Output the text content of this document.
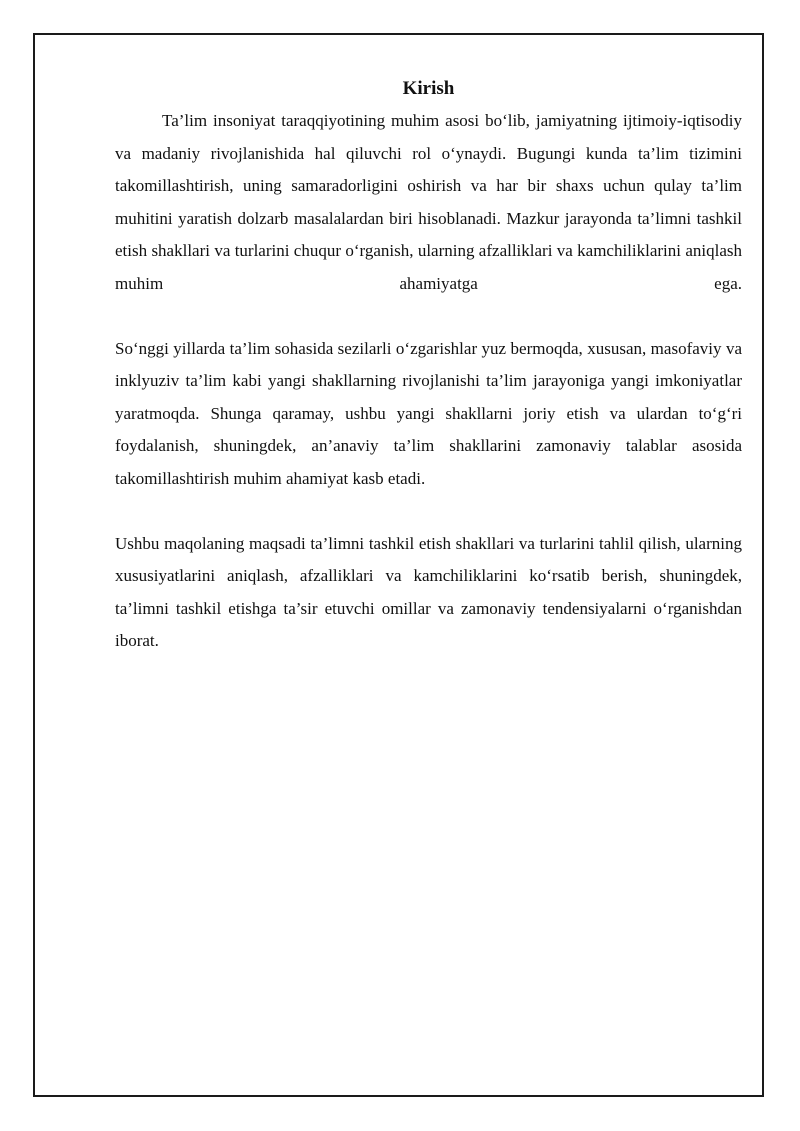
Kirish

Ta’lim insoniyat taraqqiyotining muhim asosi bo‘lib, jamiyatning ijtimoiy-iqtisodiy va madaniy rivojlanishida hal qiluvchi rol o‘ynaydi. Bugungi kunda ta’lim tizimini takomillashtirish, uning samaradorligini oshirish va har bir shaxs uchun qulay ta’lim muhitini yaratish dolzarb masalalardan biri hisoblanadi. Mazkur jarayonda ta’limni tashkil etish shakllari va turlarini chuqur o‘rganish, ularning afzalliklari va kamchiliklarini aniqlash muhim ahamiyatga ega.

So‘nggi yillarda ta’lim sohasida sezilarli o‘zgarishlar yuz bermoqda, xususan, masofaviy va inklyuziv ta’lim kabi yangi shakllarning rivojlanishi ta’lim jarayoniga yangi imkoniyatlar yaratmoqda. Shunga qaramay, ushbu yangi shakllarni joriy etish va ulardan to‘g‘ri foydalanish, shuningdek, an’anaviy ta’lim shakllarini zamonaviy talablar asosida takomillashtirish muhim ahamiyat kasb etadi.

Ushbu maqolaning maqsadi ta’limni tashkil etish shakllari va turlarini tahlil qilish, ularning xususiyatlarini aniqlash, afzalliklari va kamchiliklarini ko‘rsatib berish, shuningdek, ta’limni tashkil etishga ta’sir etuvchi omillar va zamonaviy tendensiyalarni o‘rganishdan iborat.
